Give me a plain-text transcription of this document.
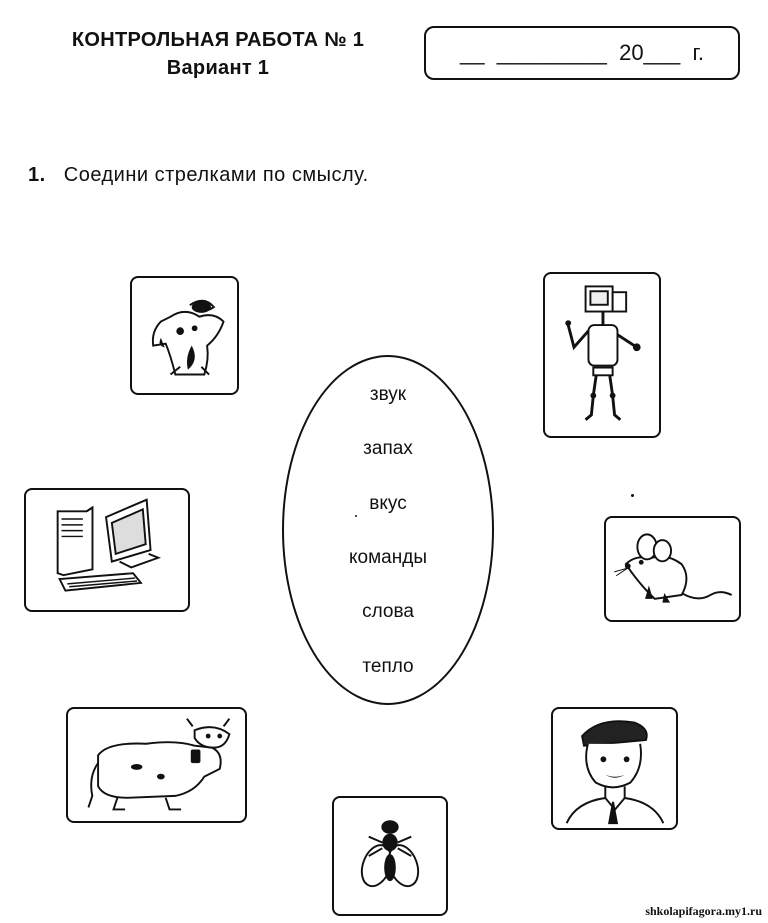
КОНТРОЛЬНАЯ РАБОТА № 1
Вариант 1
__  _________  20___  г.
1. Соедини стрелками по смыслу.
звук
запах
вкус
команды
слова
тепло
shkolapifagora.my1.ru
